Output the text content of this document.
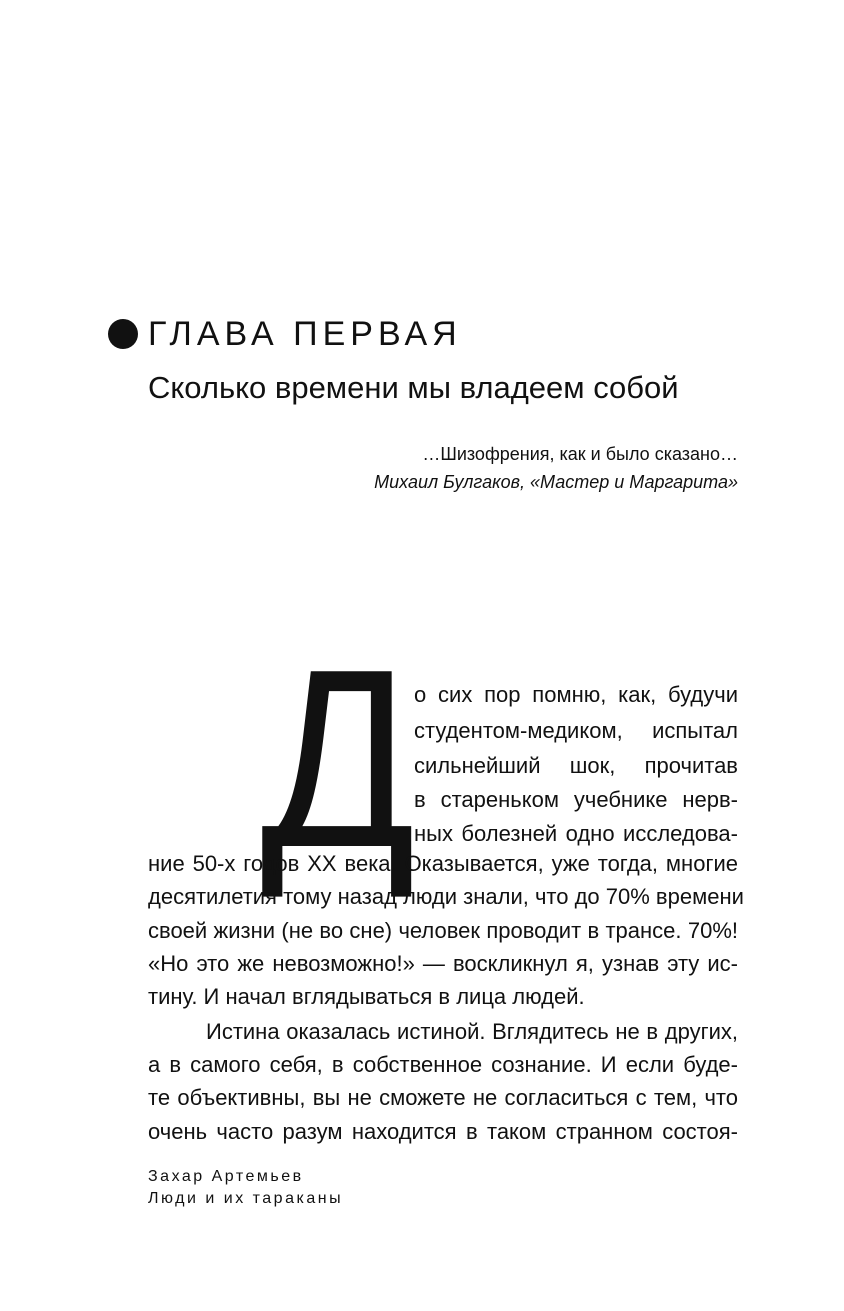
ГЛАВА ПЕРВАЯ
Сколько времени мы владеем собой
…Шизофрения, как и было сказано…
Михаил Булгаков, «Мастер и Маргарита»
Д
о сих пор помню, как, будучи
студентом-медиком, испытал
сильнейший шок, прочитав
в стареньком учебнике нерв-
ных болезней одно исследова-
ние 50-х годов XX века. Оказывается, уже тогда, многие
десятилетия тому назад люди знали, что до 70% времени
своей жизни (не во сне) человек проводит в трансе. 70%!
«Но это же невозможно!» — воскликнул я, узнав эту ис-
тину. И начал вглядываться в лица людей.
Истина оказалась истиной. Вглядитесь не в других,
а в самого себя, в собственное сознание. И если буде-
те объективны, вы не сможете не согласиться с тем, что
очень часто разум находится в таком странном состоя-
Захар Артемьев
Люди и их тараканы
